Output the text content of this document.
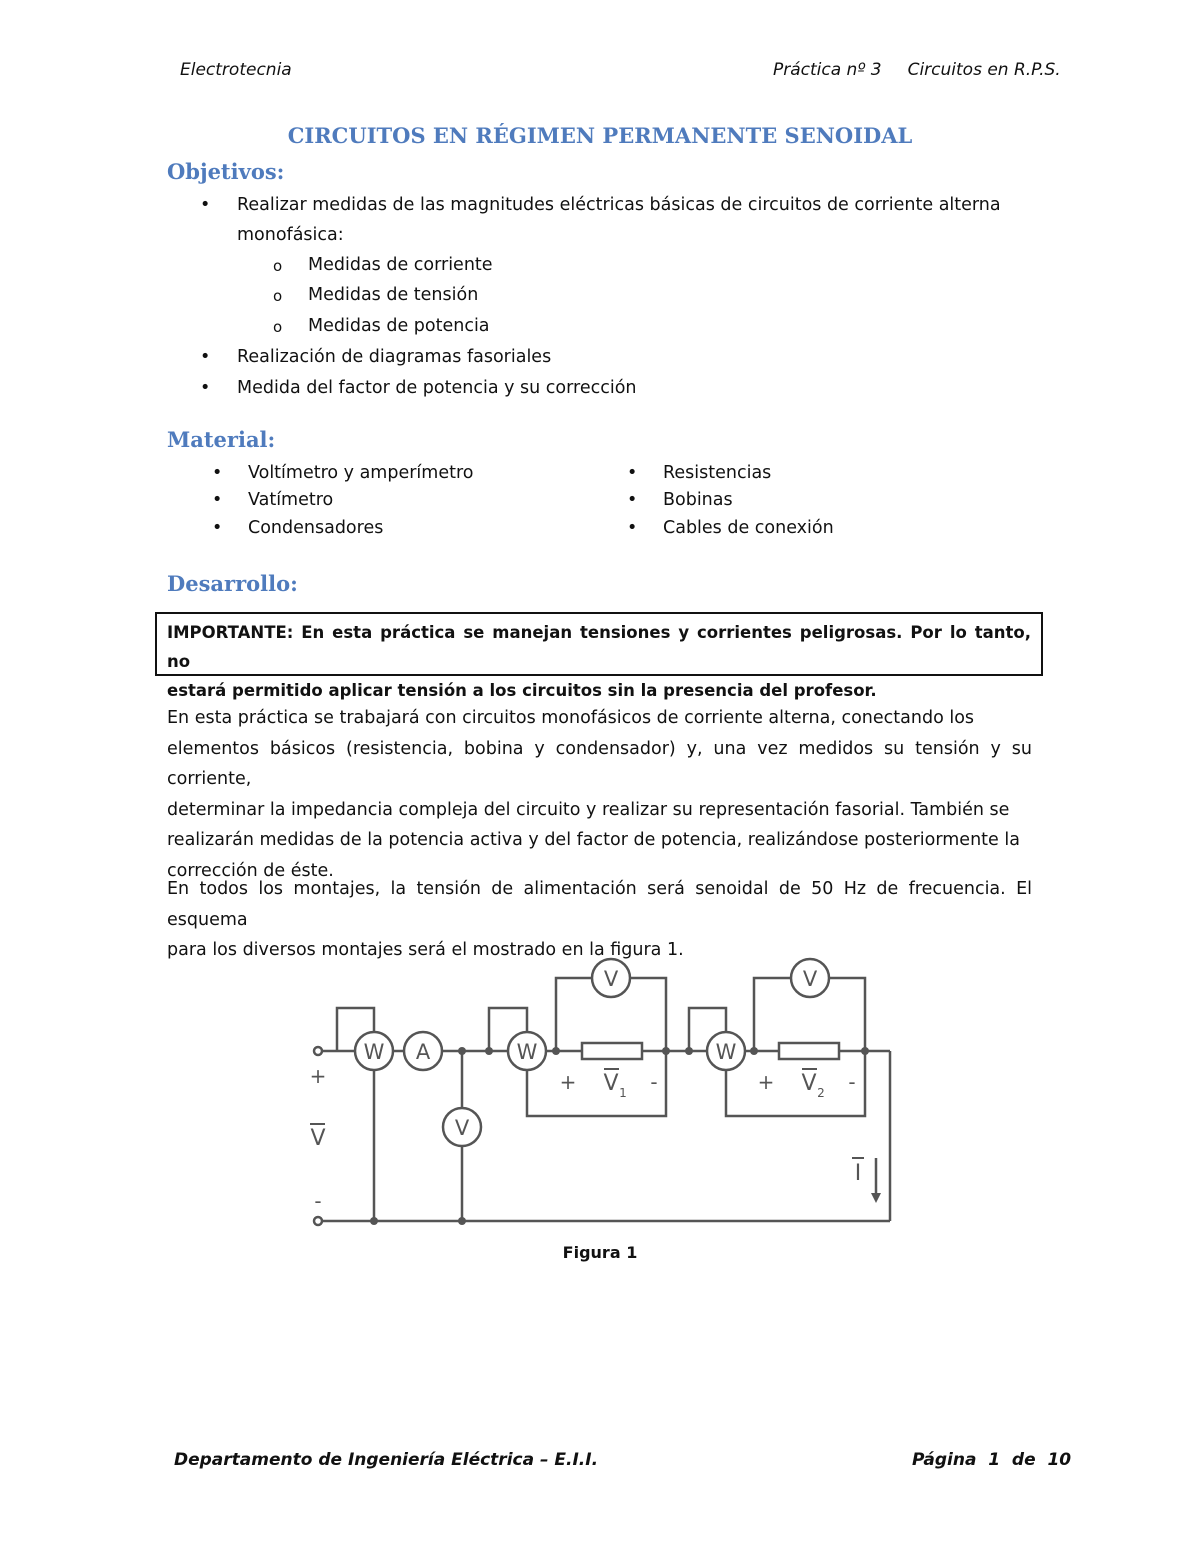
Electrotecnia	Práctica nº 3 Circuitos en R.P.S.
CIRCUITOS EN RÉGIMEN PERMANENTE SENOIDAL
Objetivos:
• Realizar medidas de las magnitudes eléctricas básicas de circuitos de corriente alterna
monofásica:
o Medidas de corriente
o Medidas de tensión
o Medidas de potencia
• Realización de diagramas fasoriales
• Medida del factor de potencia y su corrección
Material:
• Voltímetro y amperímetro
• Vatímetro
• Condensadores
• Resistencias
• Bobinas
• Cables de conexión
Desarrollo:
IMPORTANTE: En esta práctica se manejan tensiones y corrientes peligrosas. Por lo tanto, no
estará permitido aplicar tensión a los circuitos sin la presencia del profesor.
En esta práctica se trabajará con circuitos monofásicos de corriente alterna, conectando los
elementos básicos (resistencia, bobina y condensador) y, una vez medidos su tensión y su corriente,
determinar la impedancia compleja del circuito y realizar su representación fasorial. También se
realizarán medidas de la potencia activa y del factor de potencia, realizándose posteriormente la
corrección de éste.
En todos los montajes, la tensión de alimentación será senoidal de 50 Hz de frecuencia. El esquema
para los diversos montajes será el mostrado en la figura 1.
W A
V
W
V
W
V
+
V
-
+ V 1 -	+ V 2 -
I
Figura 1
Departamento de Ingeniería Eléctrica – E.I.I.	Página  1  de  10
